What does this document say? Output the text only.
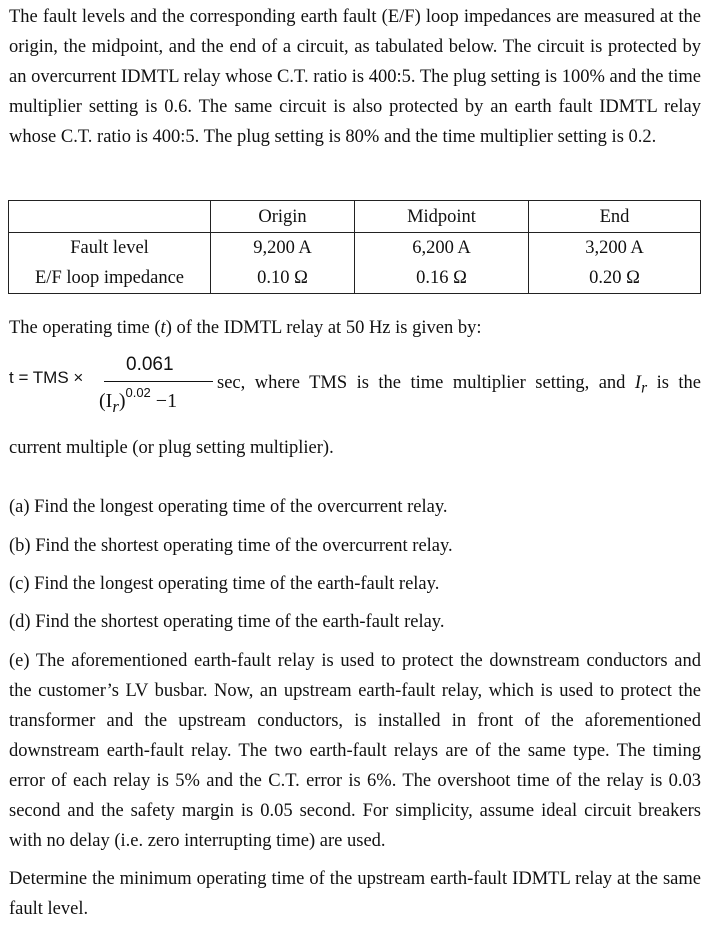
The fault levels and the corresponding earth fault (E/F) loop impedances are measured at the origin, the midpoint, and the end of a circuit, as tabulated below. The circuit is protected by an overcurrent IDMTL relay whose C.T. ratio is 400:5. The plug setting is 100% and the time multiplier setting is 0.6. The same circuit is also protected by an earth fault IDMTL relay whose C.T. ratio is 400:5. The plug setting is 80% and the time multiplier setting is 0.2.

	Origin	Midpoint	End
Fault level	9,200 A	6,200 A	3,200 A
E/F loop impedance	0.10 Ω	0.16 Ω	0.20 Ω

The operating time (t) of the IDMTL relay at 50 Hz is given by:

t = TMS ×
0.061
$(I_r)^{0.02} -1$
sec, where TMS is the time multiplier setting, and $I_r$ is the

current multiple (or plug setting multiplier).

(a) Find the longest operating time of the overcurrent relay.

(b) Find the shortest operating time of the overcurrent relay.

(c) Find the longest operating time of the earth-fault relay.

(d) Find the shortest operating time of the earth-fault relay.

(e) The aforementioned earth-fault relay is used to protect the downstream conductors and the customer’s LV busbar. Now, an upstream earth-fault relay, which is used to protect the transformer and the upstream conductors, is installed in front of the aforementioned downstream earth-fault relay. The two earth-fault relays are of the same type. The timing error of each relay is 5% and the C.T. error is 6%. The overshoot time of the relay is 0.03 second and the safety margin is 0.05 second. For simplicity, assume ideal circuit breakers with no delay (i.e. zero interrupting time) are used.

Determine the minimum operating time of the upstream earth-fault IDMTL relay at the same fault level.
